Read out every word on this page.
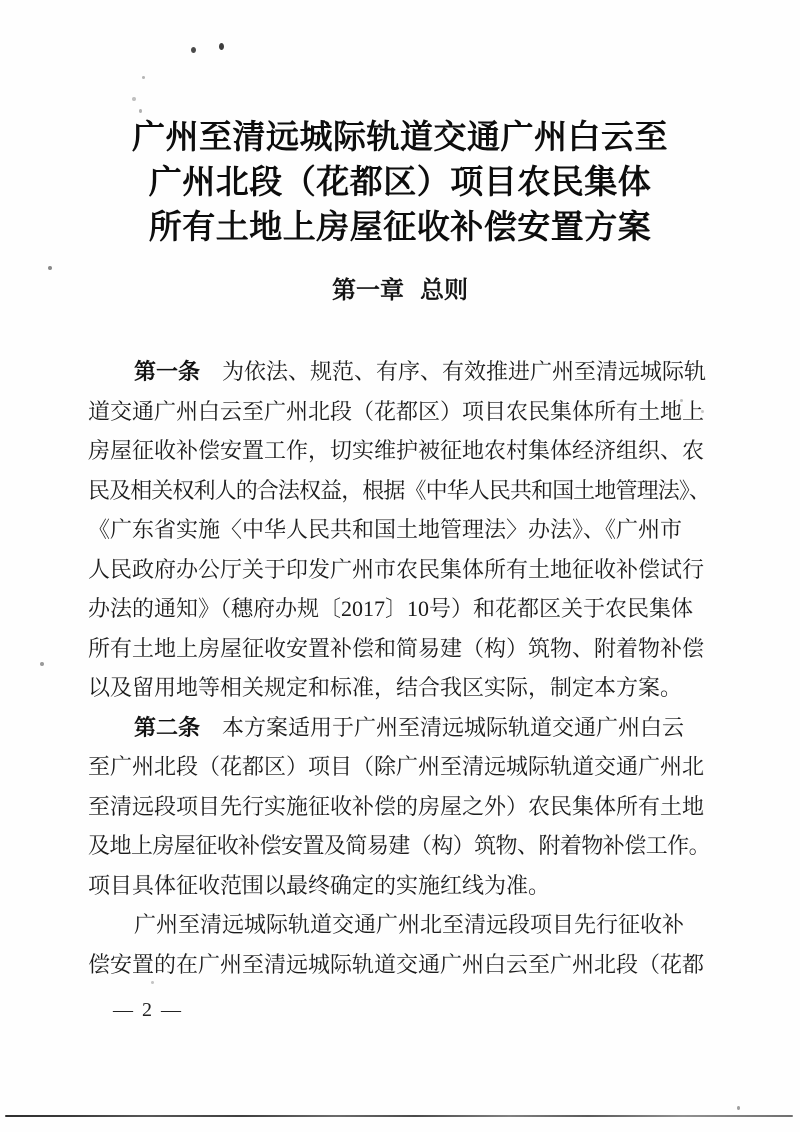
广州至清远城际轨道交通广州白云至
广州北段（花都区）项目农民集体
所有土地上房屋征收补偿安置方案
第一章 总则
第一条　 为依法、规范、有序、有效推进广州至清远城际轨
道交通广州白云至广州北段（花都区）项目农民集体所有土地上
房屋征收补偿安置工作，切实维护被征地农村集体经济组织、农
民及相关权利人的合法权益，根据《中华人民共和国土地管理法》、
《广东省实施〈中华人民共和国土地管理法〉办法》、《广州市
人民政府办公厅关于印发广州市农民集体所有土地征收补偿试行
办法的通知》（穗府办规〔2017〕10号）和花都区关于农民集体
所有土地上房屋征收安置补偿和简易建（构）筑物、附着物补偿
以及留用地等相关规定和标准，结合我区实际，制定本方案。
第二条　 本方案适用于广州至清远城际轨道交通广州白云
至广州北段（花都区）项目（除广州至清远城际轨道交通广州北
至清远段项目先行实施征收补偿的房屋之外）农民集体所有土地
及地上房屋征收补偿安置及简易建（构）筑物、附着物补偿工作。
项目具体征收范围以最终确定的实施红线为准。
广州至清远城际轨道交通广州北至清远段项目先行征收补
偿安置的在广州至清远城际轨道交通广州白云至广州北段（花都
— 2 —
